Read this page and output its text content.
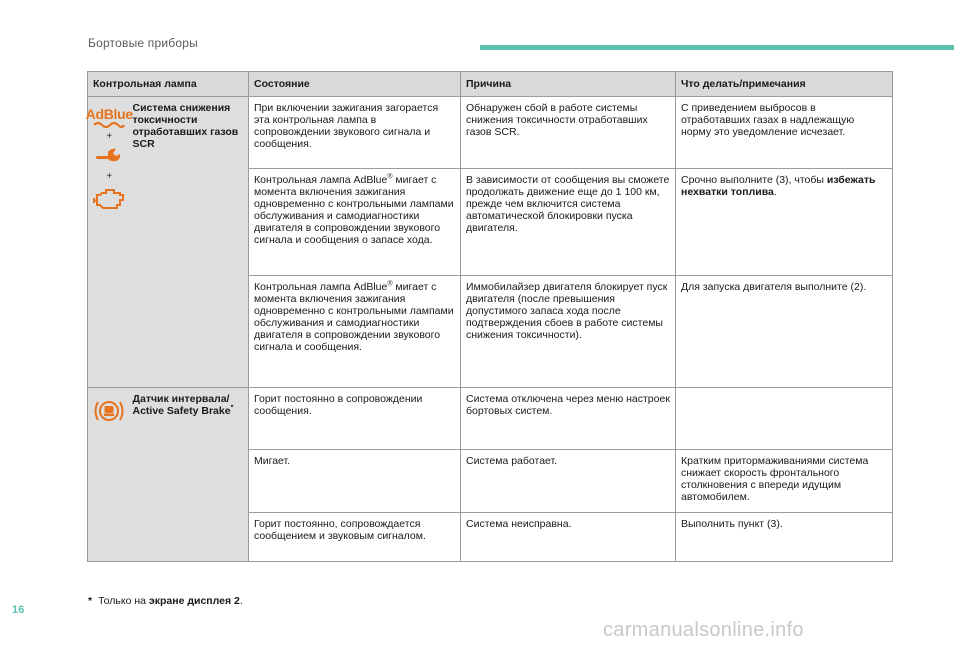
Бортовые приборы
Контрольная лампа		Состояние	Причина	Что делать/примечания

AdBlue
+
+	Система снижения токсичности отработавших газов SCR	При включении зажигания загорается эта контрольная лампа в сопровождении звукового сигнала и сообщения.	Обнаружен сбой в работе системы снижения токсичности отработавших газов SCR.	С приведением выбросов в отработавших газах в надлежащую норму это уведомление исчезает.
		Контрольная лампа AdBlue® мигает с момента включения зажигания одновременно с контрольными лампами обслуживания и самодиагностики двигателя в сопровождении звукового сигнала и сообщения о запасе хода.	В зависимости от сообщения вы сможете продолжать движение еще до 1 100 км, прежде чем включится система автоматической блокировки пуска двигателя.	Срочно выполните (3), чтобы избежать нехватки топлива.
		Контрольная лампа AdBlue® мигает с момента включения зажигания одновременно с контрольными лампами обслуживания и самодиагностики двигателя в сопровождении звукового сигнала и сообщения.	Иммобилайзер двигателя блокирует пуск двигателя (после превышения допустимого запаса хода после подтверждения сбоев в работе системы снижения токсичности).	Для запуска двигателя выполните (2).

	Датчик интервала/ Active Safety Brake*	Горит постоянно в сопровождении сообщения.	Система отключена через меню настроек бортовых систем.	
		Мигает.	Система работает.	Кратким притормаживаниями система снижает скорость фронтального столкновения с впереди идущим автомобилем.
		Горит постоянно, сопровождается сообщением и звуковым сигналом.	Система неисправна.	Выполнить пункт (3).
* Только на экране дисплея 2.
16
carmanualsonline.info
